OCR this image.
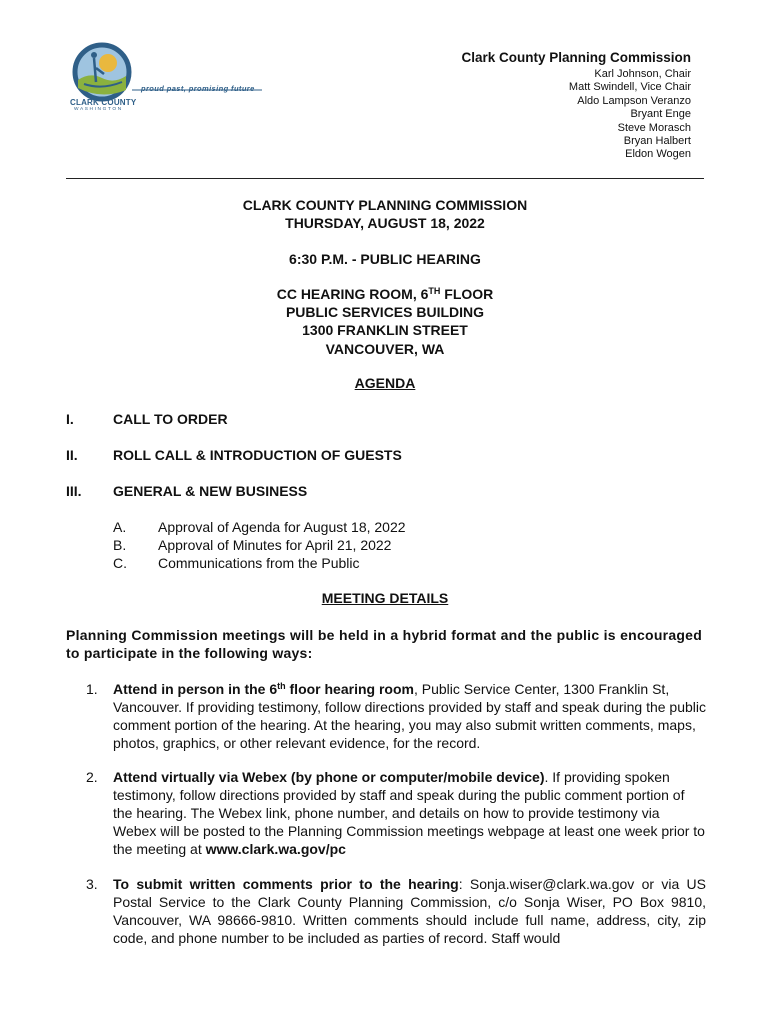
proud past, promising future
CLARK COUNTY
WASHINGTON
Clark County Planning Commission
Karl Johnson, Chair
Matt Swindell, Vice Chair
Aldo Lampson Veranzo
Bryant Enge
Steve Morasch
Bryan Halbert
Eldon Wogen
CLARK COUNTY PLANNING COMMISSION
THURSDAY, AUGUST 18, 2022
6:30 P.M. - PUBLIC HEARING
CC HEARING ROOM, 6TH FLOOR
PUBLIC SERVICES BUILDING
1300 FRANKLIN STREET
VANCOUVER, WA
AGENDA
I.	CALL TO ORDER
II.	ROLL CALL & INTRODUCTION OF GUESTS
III. GENERAL & NEW BUSINESS
A. Approval of Agenda for August 18, 2022
B. Approval of Minutes for April 21, 2022
C. Communications from the Public
MEETING DETAILS
Planning Commission meetings will be held in a hybrid format and the public is encouraged to participate in the following ways:
1. Attend in person in the 6th floor hearing room, Public Service Center, 1300 Franklin St, Vancouver. If providing testimony, follow directions provided by staff and speak during the public comment portion of the hearing. At the hearing, you may also submit written comments, maps, photos, graphics, or other relevant evidence, for the record.
2. Attend virtually via Webex (by phone or computer/mobile device). If providing spoken testimony, follow directions provided by staff and speak during the public comment portion of the hearing. The Webex link, phone number, and details on how to provide testimony via Webex will be posted to the Planning Commission meetings webpage at least one week prior to the meeting at www.clark.wa.gov/pc
3. To submit written comments prior to the hearing: Sonja.wiser@clark.wa.gov or via US Postal Service to the Clark County Planning Commission, c/o Sonja Wiser, PO Box 9810, Vancouver, WA 98666-9810. Written comments should include full name, address, city, zip code, and phone number to be included as parties of record. Staff would
